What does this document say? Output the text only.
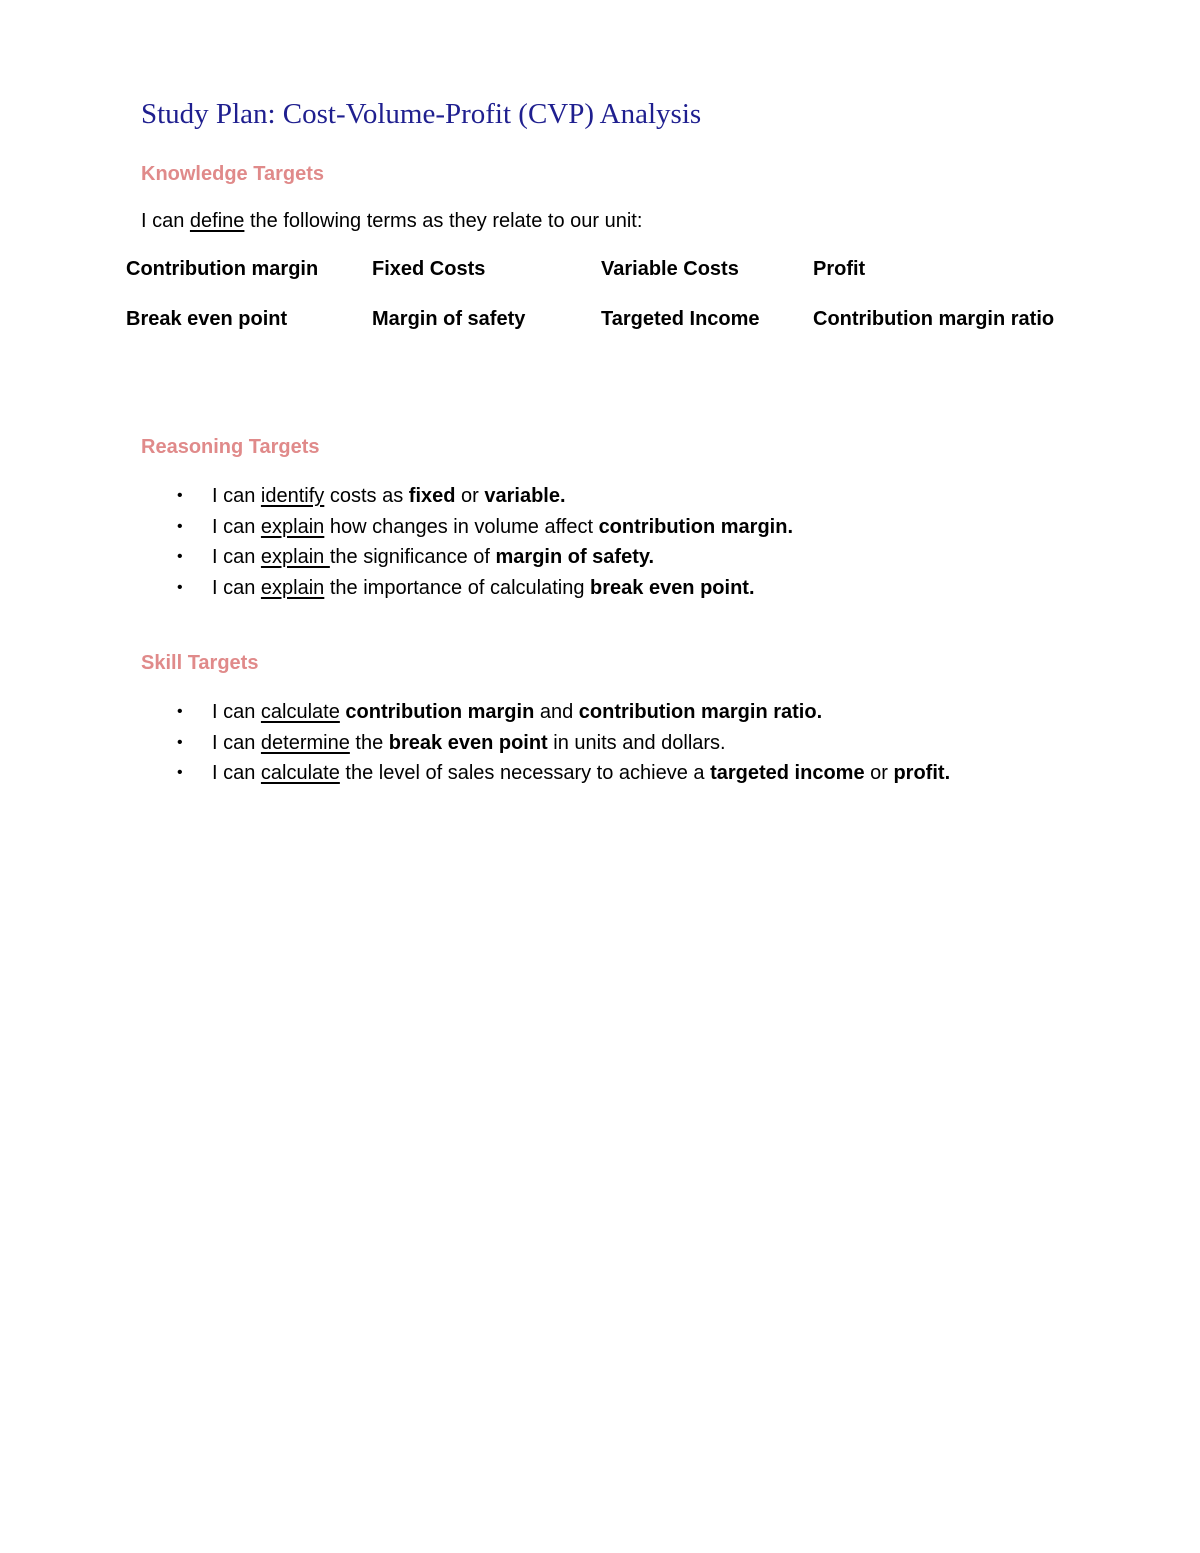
Study Plan: Cost-Volume-Profit (CVP) Analysis
Knowledge Targets
I can define the following terms as they relate to our unit:
Contribution margin	Fixed Costs	Variable Costs	Profit
Break even point	Margin of safety	Targeted Income	Contribution margin ratio
Reasoning Targets
• I can identify costs as fixed or variable.
• I can explain how changes in volume affect contribution margin.
• I can explain the significance of margin of safety.
• I can explain the importance of calculating break even point.
Skill Targets
• I can calculate contribution margin and contribution margin ratio.
• I can determine the break even point in units and dollars.
• I can calculate the level of sales necessary to achieve a targeted income or profit.
